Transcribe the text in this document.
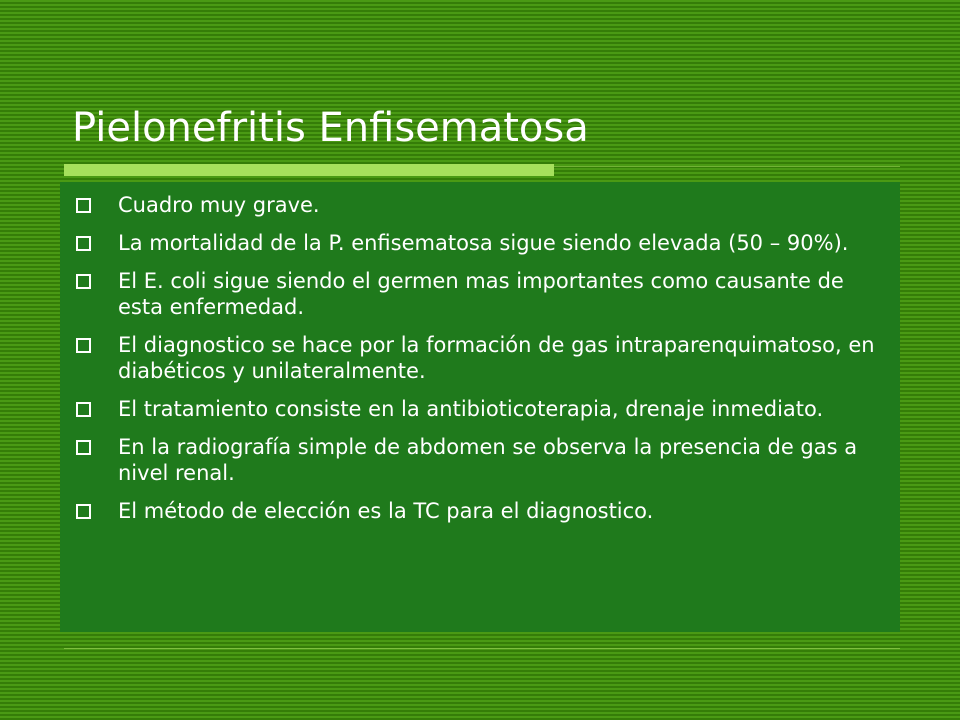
Pielonefritis Enfisematosa
Cuadro muy grave.
La mortalidad de la P. enfisematosa sigue siendo elevada (50 – 90%).
El E. coli sigue siendo el germen mas importantes como causante de esta enfermedad.
El diagnostico se hace por la formación de gas intraparenquimatoso, en diabéticos y unilateralmente.
El tratamiento consiste en la antibioticoterapia, drenaje inmediato.
En la radiografía simple de abdomen se observa la presencia de gas a nivel renal.
El método de elección es la TC para el diagnostico.
